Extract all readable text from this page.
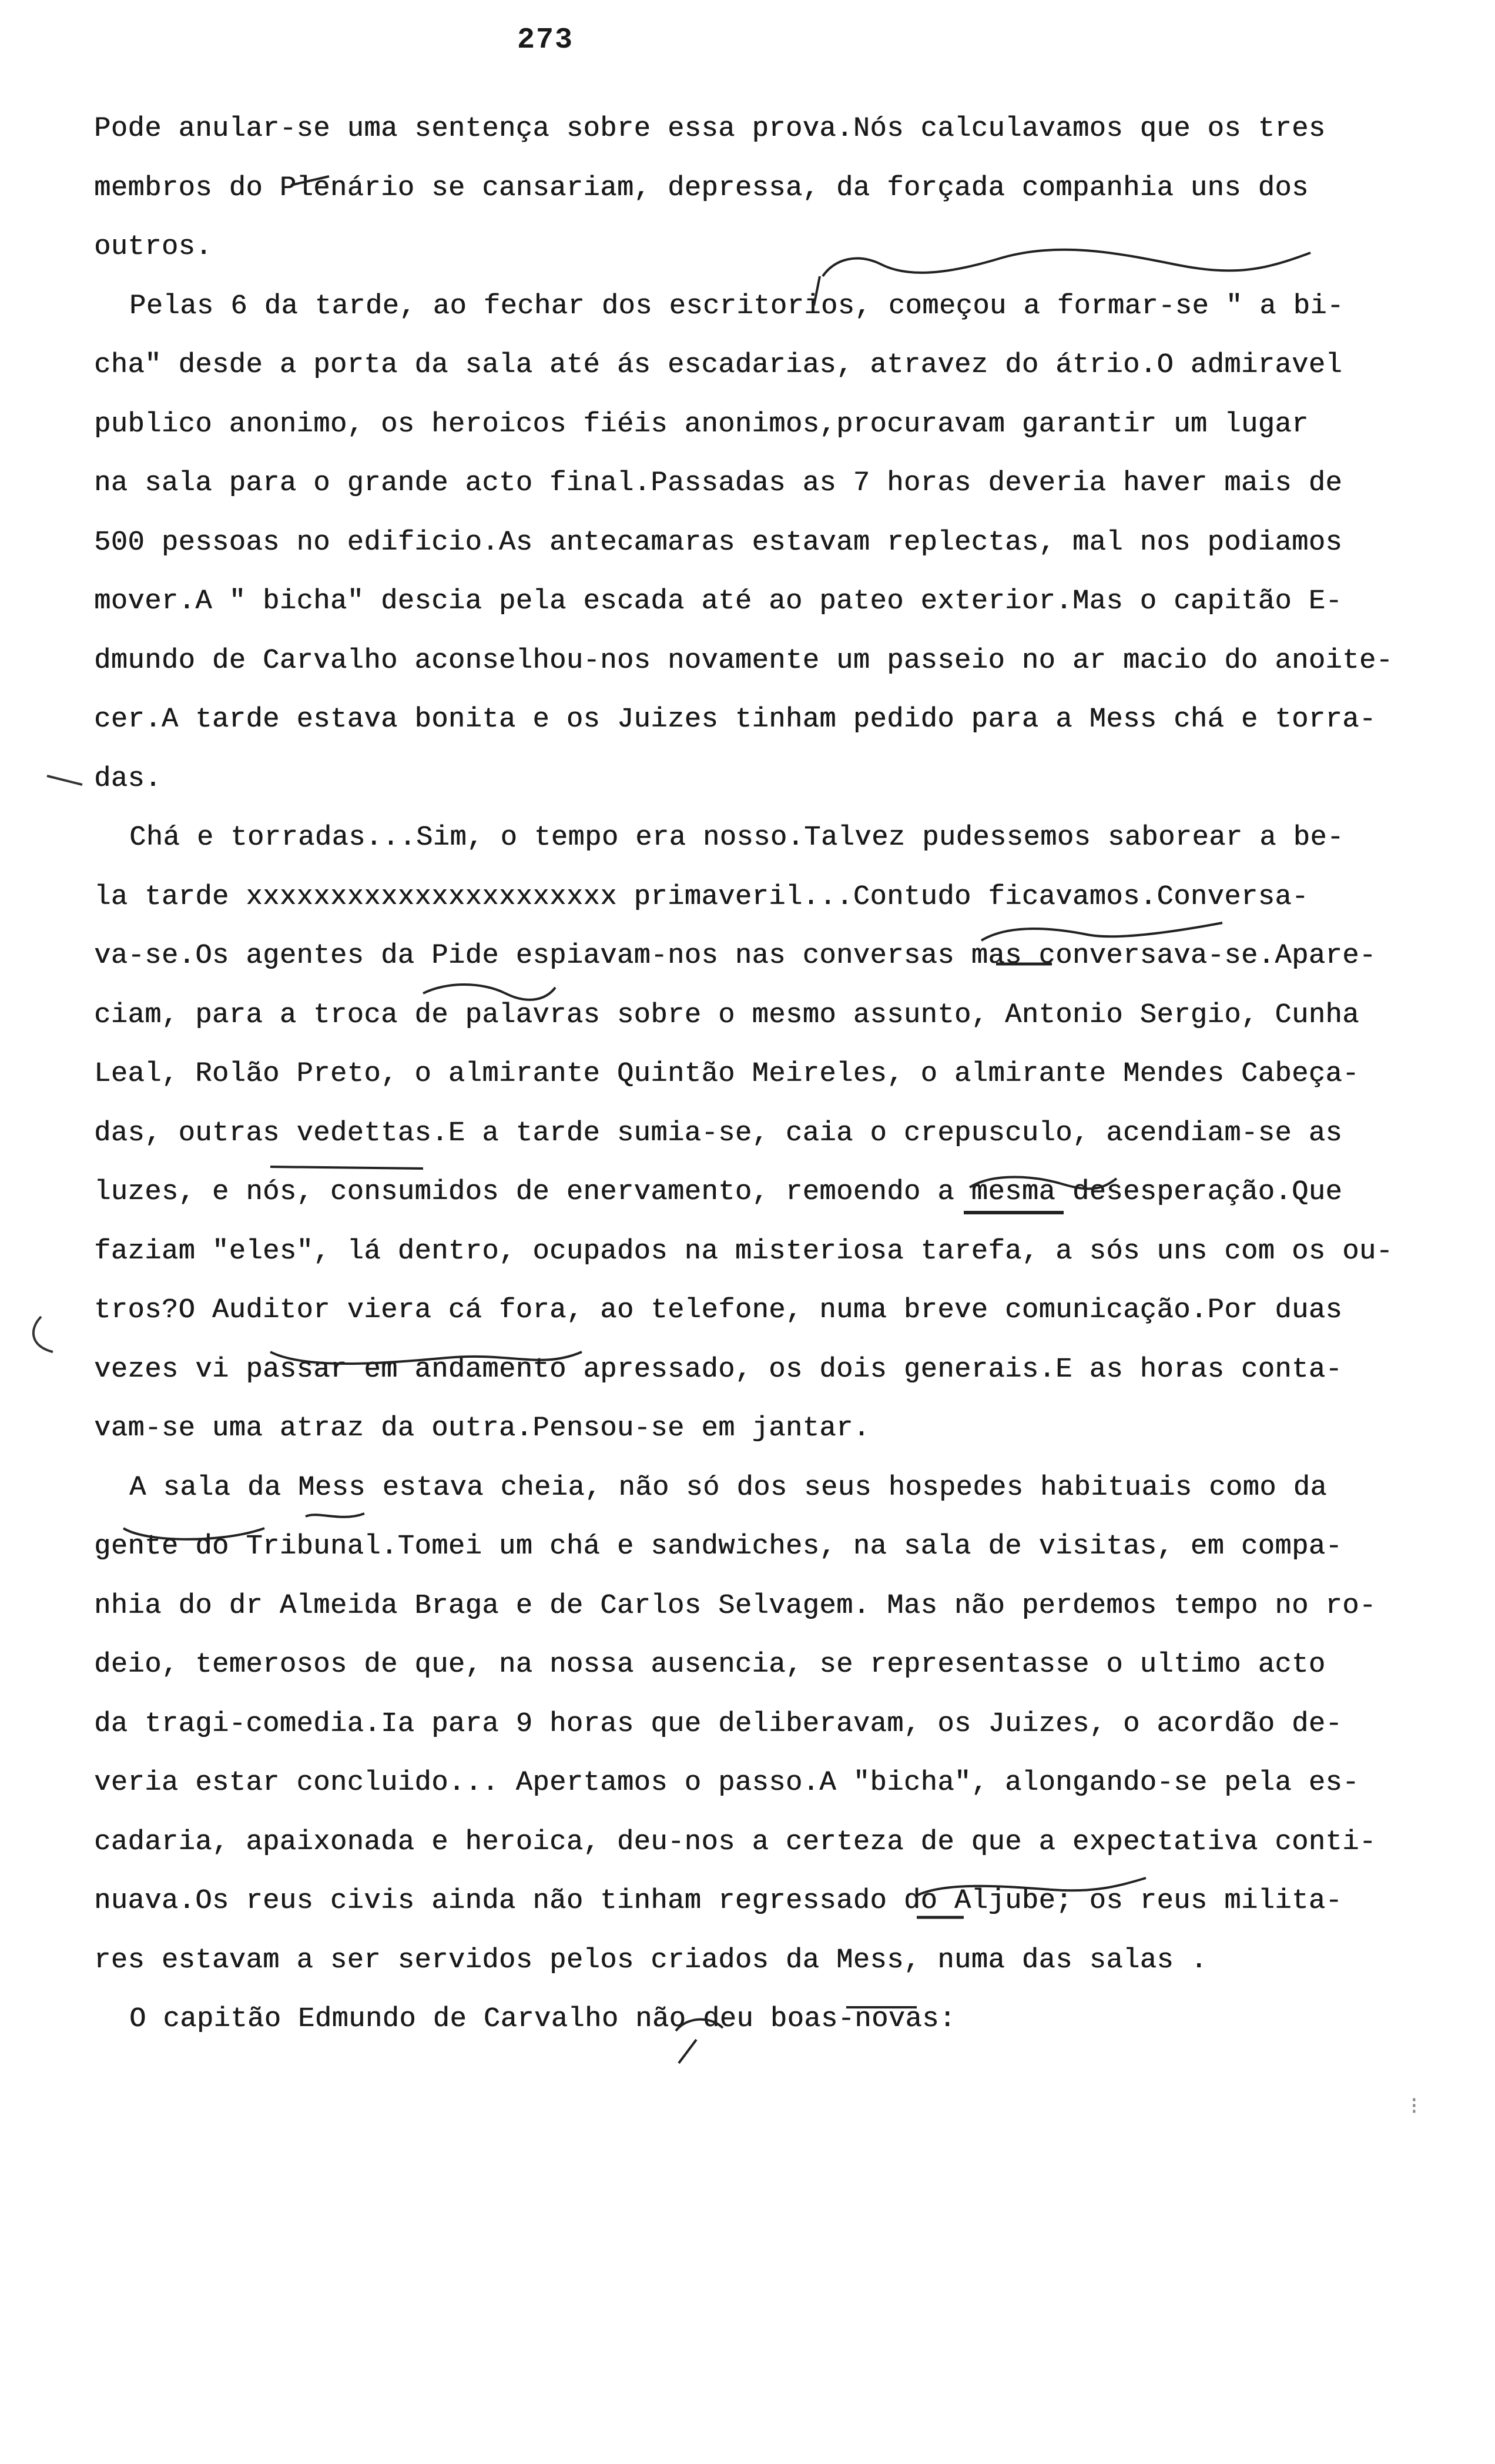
273
Pode anular-se uma sentença sobre essa prova.Nós calculavamos que os tres
membros do Plenário se cansariam, depressa, da forçada companhia uns dos
outros.
Pelas 6 da tarde, ao fechar dos escritorios, começou a formar-se " a bi-
cha" desde a porta da sala até ás escadarias, atravez do átrio.O admiravel
publico anonimo, os heroicos fiéis anonimos,procuravam garantir um lugar
na sala para o grande acto final.Passadas as 7 horas deveria haver mais de
500 pessoas no edificio.As antecamaras estavam replectas, mal nos podiamos
mover.A " bicha" descia pela escada até ao pateo exterior.Mas o capitão E-
dmundo de Carvalho aconselhou-nos novamente um passeio no ar macio do anoite-
cer.A tarde estava bonita e os Juizes tinham pedido para a Mess chá e torra-
das.
Chá e torradas...Sim, o tempo era nosso.Talvez pudessemos saborear a be-
la tarde xxxxxxxxxxxxxxxxxxxxxx primaveril...Contudo ficavamos.Conversa-
va-se.Os agentes da Pide espiavam-nos nas conversas mas conversava-se.Apare-
ciam, para a troca de palavras sobre o mesmo assunto, Antonio Sergio, Cunha
Leal, Rolão Preto, o almirante Quintão Meireles, o almirante Mendes Cabeça-
das, outras vedettas.E a tarde sumia-se, caia o crepusculo, acendiam-se as
luzes, e nós, consumidos de enervamento, remoendo a mesma desesperação.Que
faziam "eles", lá dentro, ocupados na misteriosa tarefa, a sós uns com os ou-
tros?O Auditor viera cá fora, ao telefone, numa breve comunicação.Por duas
vezes vi passar em andamento apressado, os dois generais.E as horas conta-
vam-se uma atraz da outra.Pensou-se em jantar.
A sala da Mess estava cheia, não só dos seus hospedes habituais como da
gente do Tribunal.Tomei um chá e sandwiches, na sala de visitas, em compa-
nhia do dr Almeida Braga e de Carlos Selvagem. Mas não perdemos tempo no ro-
deio, temerosos de que, na nossa ausencia, se representasse o ultimo acto
da tragi-comedia.Ia para 9 horas que deliberavam, os Juizes, o acordão de-
veria estar concluido... Apertamos o passo.A "bicha", alongando-se pela es-
cadaria, apaixonada e heroica, deu-nos a certeza de que a expectativa conti-
nuava.Os reus civis ainda não tinham regressado do Aljube; os reus milita-
res estavam a ser servidos pelos criados da Mess, numa das salas .
O capitão Edmundo de Carvalho não deu boas-novas:
⁝
